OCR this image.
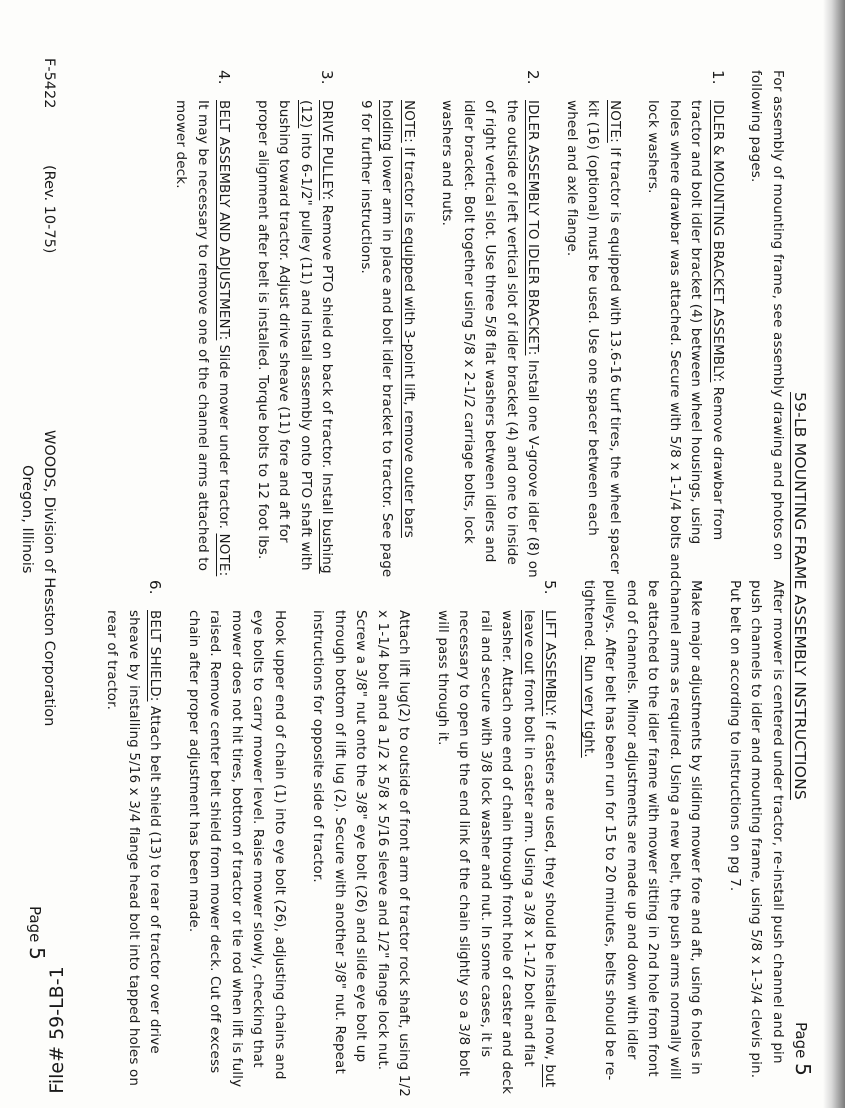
59-LB MOUNTING FRAME ASSEMBLY INSTRUCTIONS
Page 5

For assembly of mounting frame, see assembly drawing and photos on following pages.

1.
IDLER & MOUNTING BRACKET ASSEMBLY: Remove drawbar from tractor and bolt idler bracket (4) between wheel housings, using holes where drawbar was attached. Secure with 5/8 x 1-1/4 bolts and lock washers.

NOTE: If tractor is equipped with 13.6-16 turf tires, the wheel spacer kit (16) (optional) must be used. Use one spacer between each wheel and axle flange.

2.
IDLER ASSEMBLY TO IDLER BRACKET: Install one V-groove idler (8) on the outside of left vertical slot of idler bracket (4) and one to inside of right vertical slot. Use three 5/8 flat washers between idlers and idler bracket. Bolt together using 5/8 x 2-1/2 carriage bolts, lock washers and nuts.

NOTE: If tractor is equipped with 3-point lift, remove outer bars holding lower arm in place and bolt idler bracket to tractor. See page 9 for further instructions.

3.
DRIVE PULLEY: Remove PTO shield on back of tractor. Install bushing (12) into 6-1/2" pulley (11) and install assembly onto PTO shaft with bushing toward tractor. Adjust drive sheave (11) fore and aft for proper alignment after belt is installed. Torque bolts to 12 foot lbs.

4.
BELT ASSEMBLY AND ADJUSTMENT: Slide mower under tractor. NOTE: It may be necessary to remove one of the channel arms attached to mower deck.

After mower is centered under tractor, re-install push channel and pin push channels to idler and mounting frame, using 5/8 x 1-3/4 clevis pin. Put belt on according to instructions on pg 7.

Make major adjustments by sliding mower fore and aft, using 6 holes in channel arms as required. Using a new belt, the push arms normally will be attached to the idler frame with mower sitting in 2nd hole from front end of channels. Minor adjustments are made up and down with idler pulleys. After belt has been run for 15 to 20 minutes, belts should be re-tightened. Run very tight.

5.
LIFT ASSEMBLY: If casters are used, they should be installed now, but leave out front bolt in caster arm. Using a 3/8 x 1-1/2 bolt and flat washer. Attach one end of chain through front hole of caster and deck rail and secure with 3/8 lock washer and nut. In some cases, it is necessary to open up the end link of the chain slightly so a 3/8 bolt will pass through it.

Attach lift lug(2) to outside of front arm of tractor rock shaft, using 1/2 x 1-1/4 bolt and a 1/2 x 5/8 x 5/16 sleeve and 1/2" flange lock nut. Screw a 3/8" nut onto the 3/8" eye bolt (26) and slide eye bolt up through bottom of lift lug (2). Secure with another 3/8" nut. Repeat instructions for opposite side of tractor.

Hook upper end of chain (1) into eye bolt (26), adjusting chains and eye bolts to carry mower level. Raise mower slowly, checking that mower does not hit tires, bottom of tractor or tie rod when lift is fully raised. Remove center belt shield from mower deck. Cut off excess chain after proper adjustment has been made.

6.
BELT SHIELD: Attach belt shield (13) to rear of tractor over drive sheave by installing 5/16 x 3/4 flange head bolt into tapped holes on rear of tractor.

F-5422
(Rev. 10-75)
WOODS, Division of Hesston Corporation
Oregon, Illinois
Page 5
File# 59-LB-1
